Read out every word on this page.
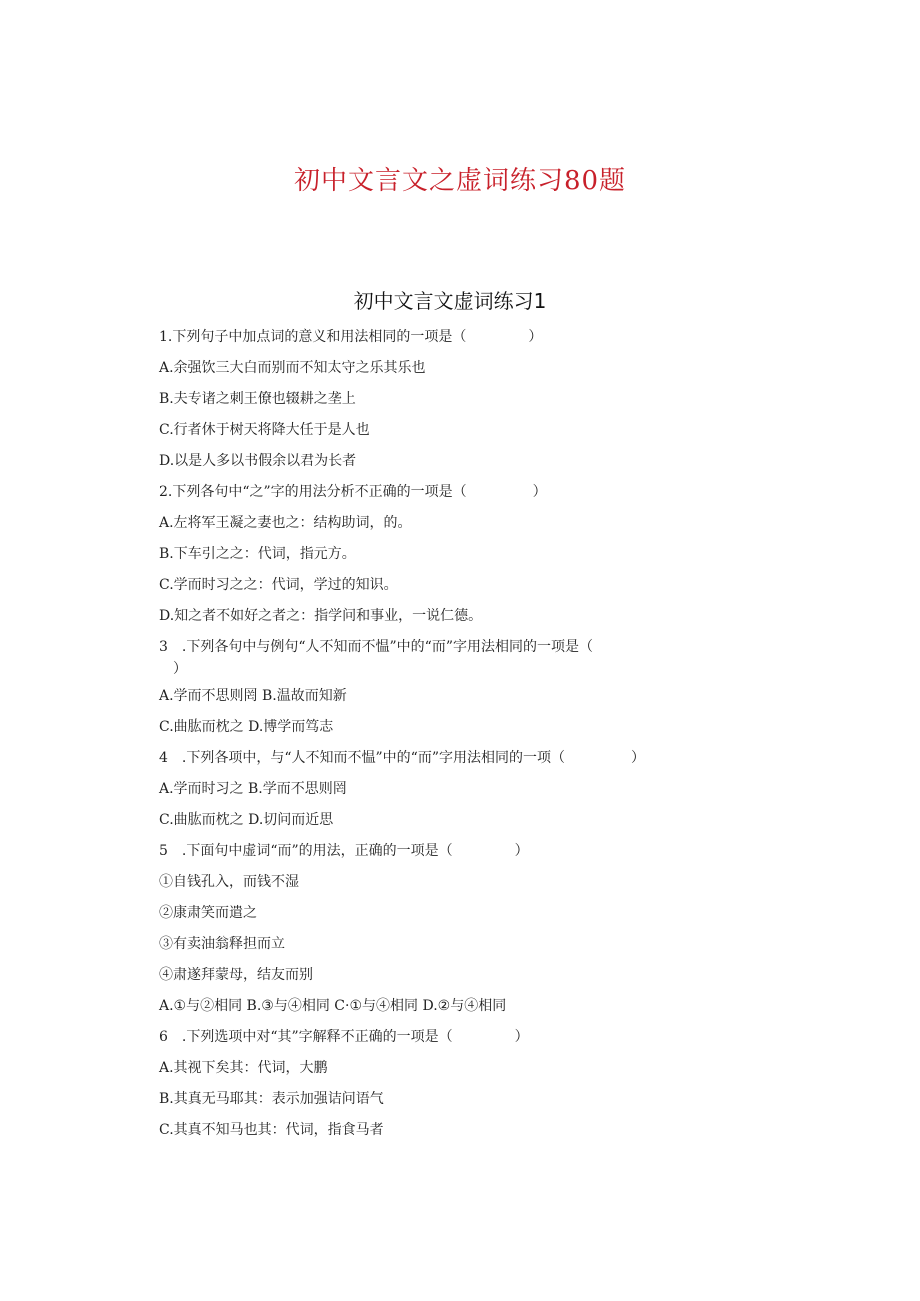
初中文言文之虚词练习80题
初中文言文虚词练习1
1.下列句子中加点词的意义和用法相同的一项是（	）
A.余强饮三大白而别而不知太守之乐其乐也
B.夫专诸之刺王僚也辍耕之垄上
C.行者休于树天将降大任于是人也
D.以是人多以书假余以君为长者
2.下列各句中“之”字的用法分析不正确的一项是（	）
A.左将军王凝之妻也之：结构助词，的。
B.下车引之之：代词，指元方。
C.学而时习之之：代词，学过的知识。
D.知之者不如好之者之：指学问和事业，一说仁德。
3　.下列各句中与例句“人不知而不愠”中的“而”字用法相同的一项是（
）
A.学而不思则罔 B.温故而知新
C.曲肱而枕之 D.博学而笃志
4　.下列各项中，与“人不知而不愠”中的“而”字用法相同的一项（	）
A.学而时习之 B.学而不思则罔
C.曲肱而枕之 D.切问而近思
5　.下面句中虚词“而”的用法，正确的一项是（	）
①自钱孔入，而钱不湿
②康肃笑而遣之
③有卖油翁释担而立
④肃遂拜蒙母，结友而别
A.①与②相同 B.③与④相同 C·①与④相同 D.②与④相同
6　.下列选项中对“其”字解释不正确的一项是（	）
A.其视下矣其：代词，大鹏
B.其真无马耶其：表示加强诘问语气
C.其真不知马也其：代词，指食马者
